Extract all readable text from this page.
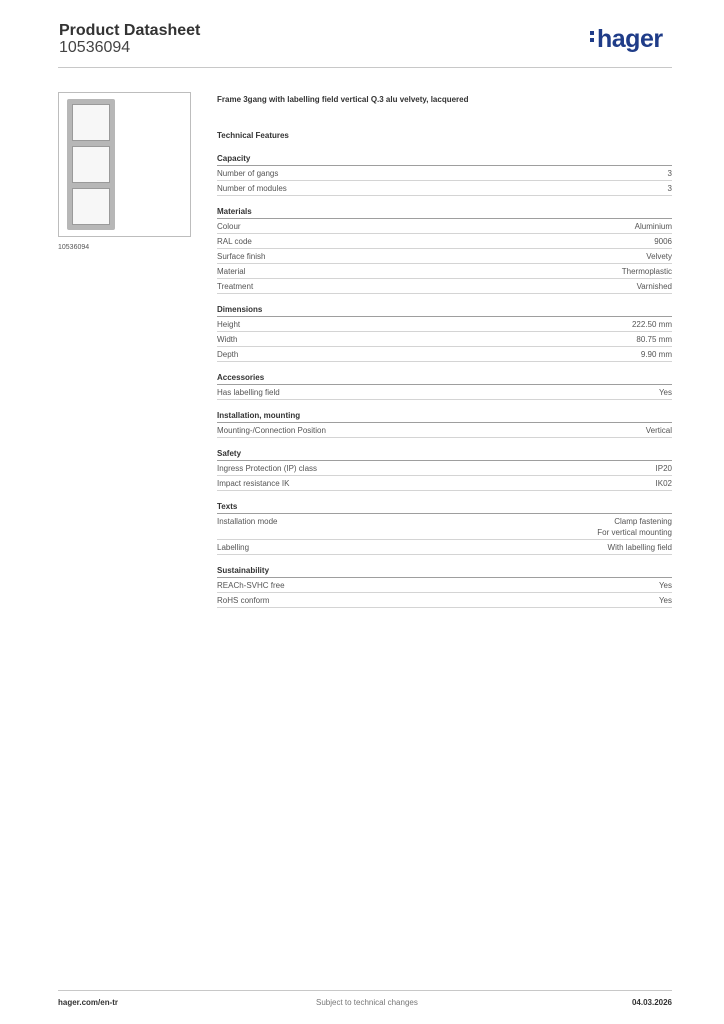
Product Datasheet
10536094	hager
10536094
Frame 3gang with labelling field vertical Q.3 alu velvety, lacquered
Technical Features
Capacity
Number of gangs	3
Number of modules	3
Materials
Colour	Aluminium
RAL code	9006
Surface finish	Velvety
Material	Thermoplastic
Treatment	Varnished
Dimensions
Height	222.50 mm
Width	80.75 mm
Depth	9.90 mm
Accessories
Has labelling field	Yes
Installation, mounting
Mounting-/Connection Position	Vertical
Safety
Ingress Protection (IP) class	IP20
Impact resistance IK	IK02
Texts
Installation mode	Clamp fastening
For vertical mounting
Labelling	With labelling field
Sustainability
REACh-SVHC free	Yes
RoHS conform	Yes
hager.com/en-tr	Subject to technical changes	04.03.2026
